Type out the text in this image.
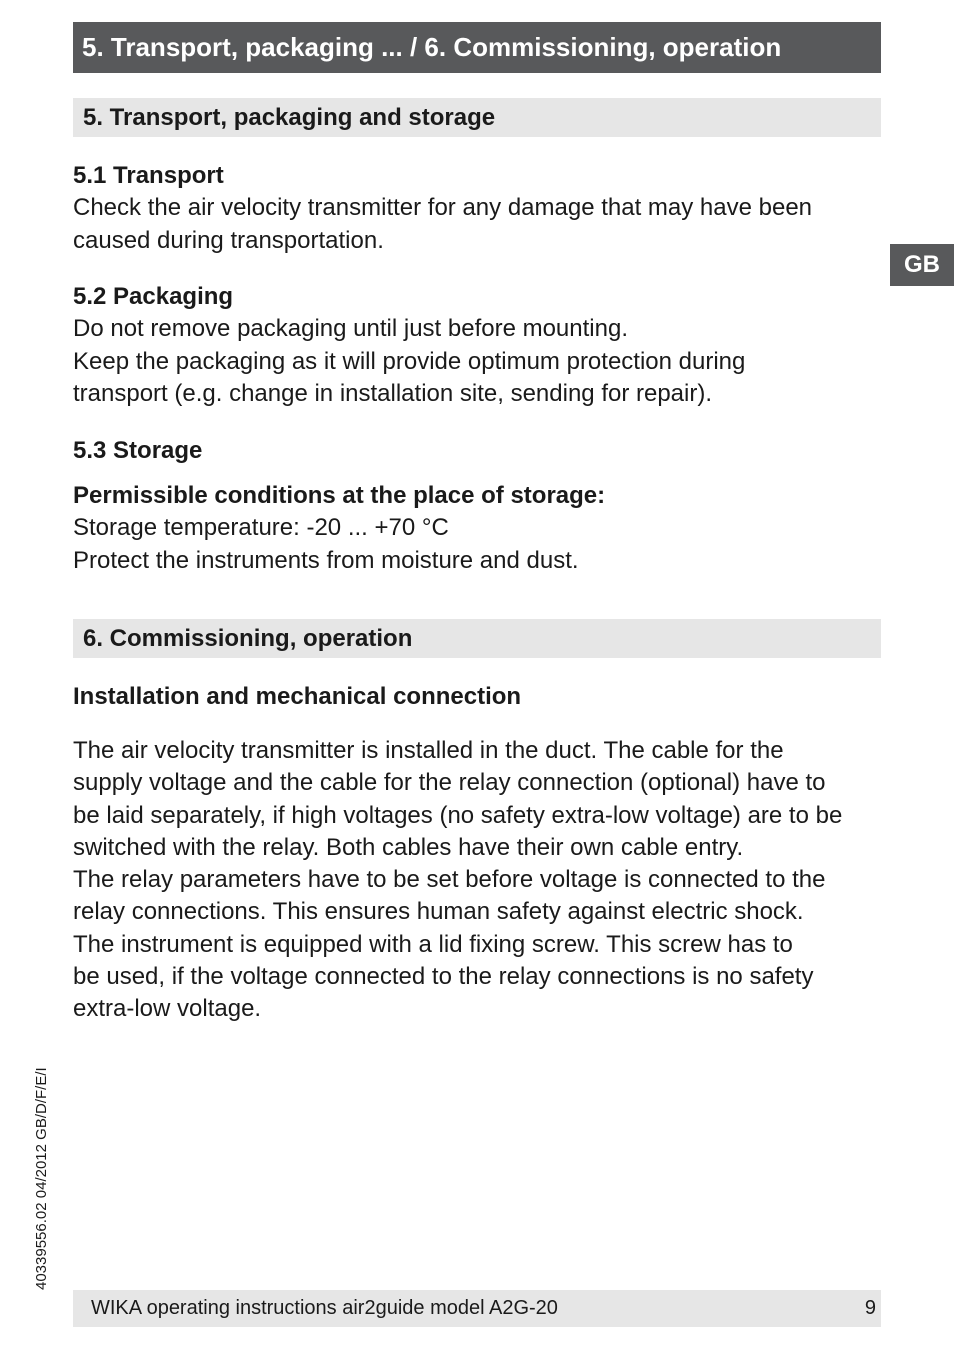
5. Transport, packaging ... / 6. Commissioning, operation
GB
5. Transport, packaging and storage
5.1 Transport
Check the air velocity transmitter for any damage that may have been
caused during transportation.
5.2 Packaging
Do not remove packaging until just before mounting.
Keep the packaging as it will provide optimum protection during
transport (e.g. change in installation site, sending for repair).
5.3 Storage
Permissible conditions at the place of storage:
Storage temperature: -20 ... +70 °C
Protect the instruments from moisture and dust.
6. Commissioning, operation
Installation and mechanical connection
The air velocity transmitter is installed in the duct. The cable for the
supply voltage and the cable for the relay connection (optional) have to
be laid separately, if high voltages (no safety extra-low voltage) are to be
switched with the relay. Both cables have their own cable entry.
The relay parameters have to be set before voltage is connected to the
relay connections. This ensures human safety against electric shock.
The instrument is equipped with a lid fixing screw. This screw has to
be used, if the voltage connected to the relay connections is no safety
extra-low voltage.
40339556.02 04/2012 GB/D/F/E/I
WIKA operating instructions air2guide model A2G-20	9
